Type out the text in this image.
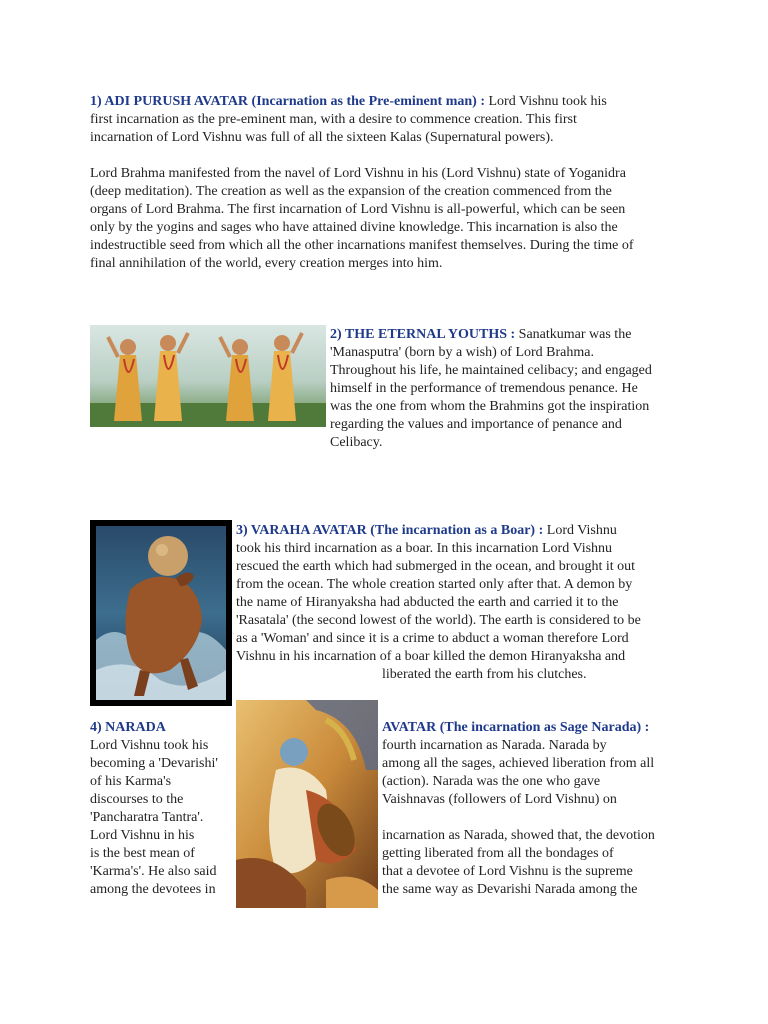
1) ADI PURUSH AVATAR (Incarnation as the Pre-eminent man) : Lord Vishnu took his
first incarnation as the pre-eminent man, with a desire to commence creation. This first
incarnation of Lord Vishnu was full of all the sixteen Kalas (Supernatural powers).
Lord Brahma manifested from the navel of Lord Vishnu in his (Lord Vishnu) state of Yoganidra
(deep meditation). The creation as well as the expansion of the creation commenced from the
organs of Lord Brahma. The first incarnation of Lord Vishnu is all-powerful, which can be seen
only by the yogins and sages who have attained divine knowledge. This incarnation is also the
indestructible seed from which all the other incarnations manifest themselves. During the time of
final annihilation of the world, every creation merges into him.
2) THE ETERNAL YOUTHS : Sanatkumar was the
'Manasputra' (born by a wish) of Lord Brahma.
Throughout his life, he maintained celibacy; and engaged
himself in the performance of tremendous penance. He
was the one from whom the Brahmins got the inspiration
regarding the values and importance of penance and
Celibacy.
3) VARAHA AVATAR (The incarnation as a Boar) : Lord Vishnu
took his third incarnation as a boar. In this incarnation Lord Vishnu
rescued the earth which had submerged in the ocean, and brought it out
from the ocean. The whole creation started only after that. A demon by
the name of Hiranyaksha had abducted the earth and carried it to the
'Rasatala' (the second lowest of the world). The earth is considered to be
as a 'Woman' and since it is a crime to abduct a woman therefore Lord
Vishnu in his incarnation of a boar killed the demon Hiranyaksha and
liberated the earth from his clutches.
4) NARADA
Lord Vishnu took his
becoming a 'Devarishi'
of his Karma's
discourses to the
'Pancharatra Tantra'.
Lord Vishnu in his
is the best mean of
'Karma's'. He also said
among the devotees in
AVATAR (The incarnation as Sage Narada) :
fourth incarnation as Narada. Narada by
among all the sages, achieved liberation from all
(action). Narada was the one who gave
Vaishnavas (followers of Lord Vishnu) on
incarnation as Narada, showed that, the devotion
getting liberated from all the bondages of
that a devotee of Lord Vishnu is the supreme
the same way as Devarishi Narada among the
